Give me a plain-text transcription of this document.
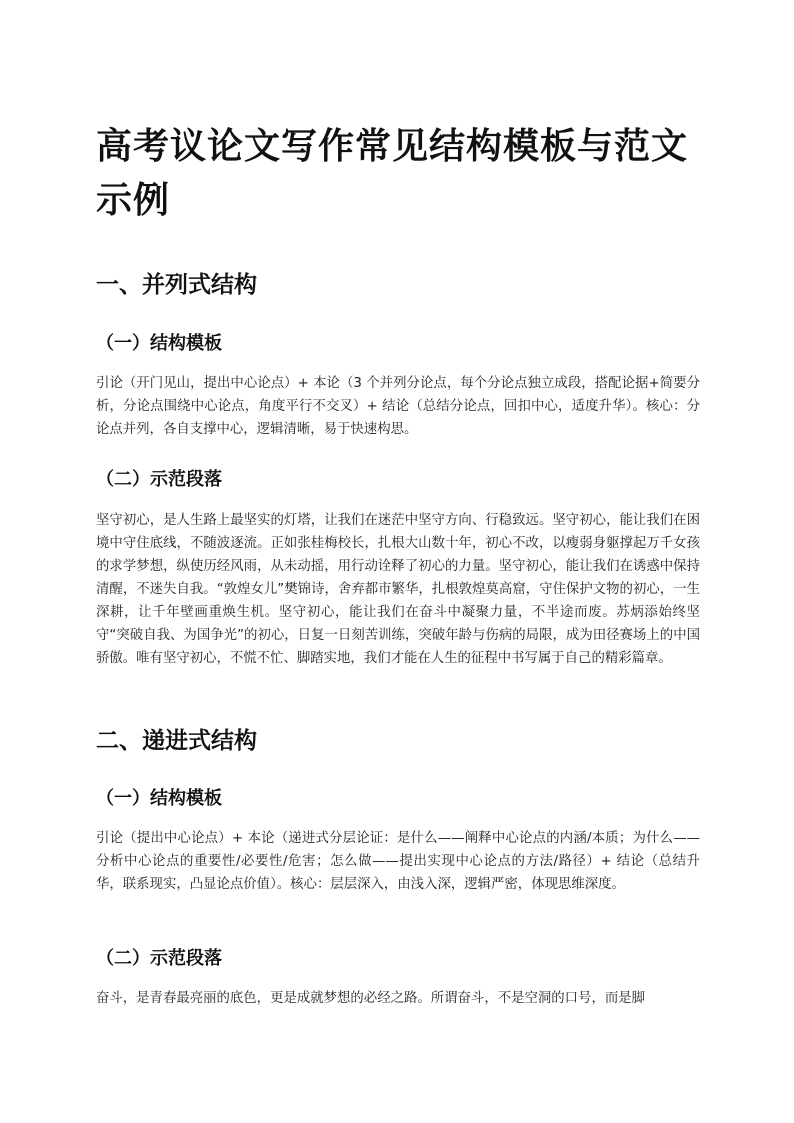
高考议论文写作常见结构模板与范文示例
一、并列式结构
（一）结构模板

引论（开门见山，提出中心论点）+ 本论（3 个并列分论点，每个分论点独立成段，搭配论据+简要分析，分论点围绕中心论点，角度平行不交叉）+ 结论（总结分论点，回扣中心，适度升华）。核心：分论点并列，各自支撑中心，逻辑清晰，易于快速构思。

（二）示范段落

坚守初心，是人生路上最坚实的灯塔，让我们在迷茫中坚守方向、行稳致远。坚守初心，能让我们在困境中守住底线，不随波逐流。正如张桂梅校长，扎根大山数十年，初心不改，以瘦弱身躯撑起万千女孩的求学梦想，纵使历经风雨，从未动摇，用行动诠释了初心的力量。坚守初心，能让我们在诱惑中保持清醒，不迷失自我。“敦煌女儿”樊锦诗，舍弃都市繁华，扎根敦煌莫高窟，守住保护文物的初心，一生深耕，让千年壁画重焕生机。坚守初心，能让我们在奋斗中凝聚力量，不半途而废。苏炳添始终坚守“突破自我、为国争光”的初心，日复一日刻苦训练，突破年龄与伤病的局限，成为田径赛场上的中国骄傲。唯有坚守初心，不慌不忙、脚踏实地，我们才能在人生的征程中书写属于自己的精彩篇章。

二、递进式结构
（一）结构模板

引论（提出中心论点）+ 本论（递进式分层论证：是什么——阐释中心论点的内涵/本质；为什么——分析中心论点的重要性/必要性/危害；怎么做——提出实现中心论点的方法/路径）+ 结论（总结升华，联系现实，凸显论点价值）。核心：层层深入，由浅入深，逻辑严密，体现思维深度。

（二）示范段落

奋斗，是青春最亮丽的底色，更是成就梦想的必经之路。所谓奋斗，不是空洞的口号，而是脚
